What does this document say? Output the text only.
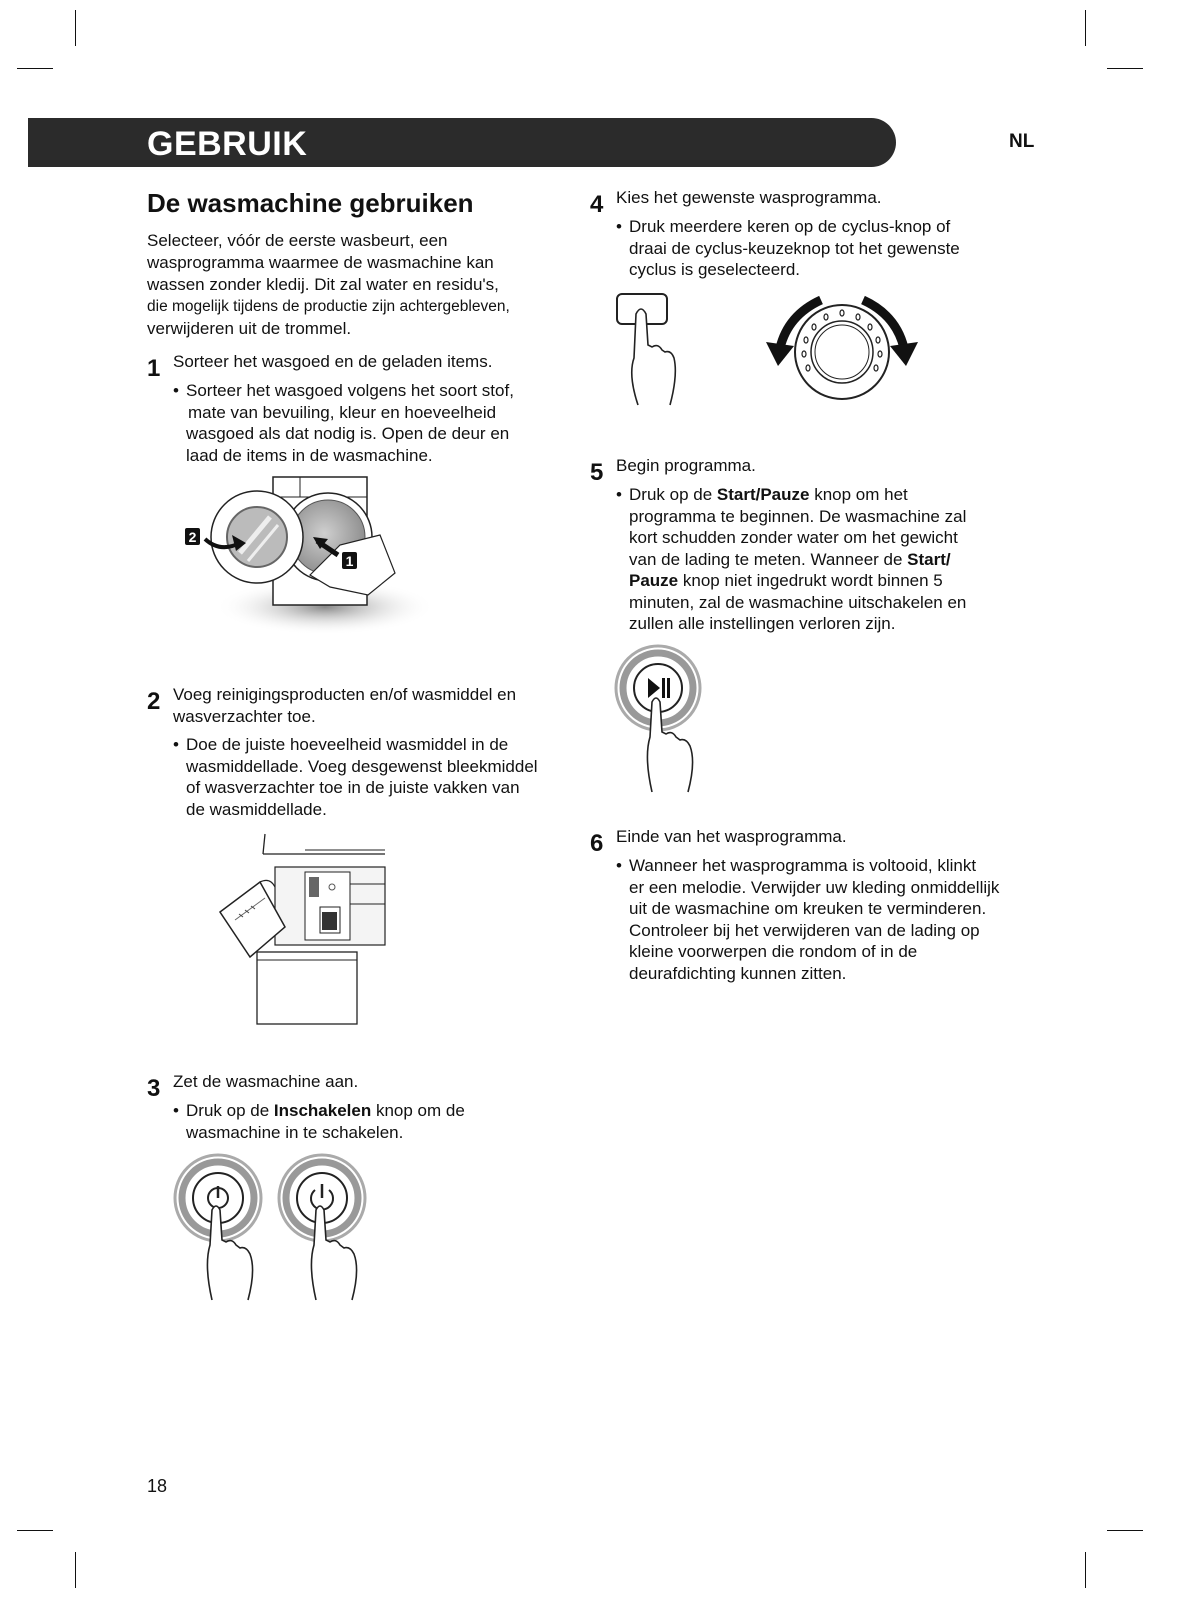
GEBRUIK	NL
De wasmachine gebruiken
Selecteer, vóór de eerste wasbeurt, een
wasprogramma waarmee de wasmachine kan
wassen zonder kledij. Dit zal water en residu's,
die mogelijk tijdens de productie zijn achtergebleven,
verwijderen uit de trommel.
1 Sorteer het wasgoed en de geladen items.
• Sorteer het wasgoed volgens het soort stof,
mate van bevuiling, kleur en hoeveelheid
wasgoed als dat nodig is. Open de deur en
laad de items in de wasmachine.
2
1
2 Voeg reinigingsproducten en/of wasmiddel en
wasverzachter toe.
• Doe de juiste hoeveelheid wasmiddel in de
wasmiddellade. Voeg desgewenst bleekmiddel
of wasverzachter toe in de juiste vakken van
de wasmiddellade.
3 Zet de wasmachine aan.
• Druk op de Inschakelen knop om de
wasmachine in te schakelen.
4 Kies het gewenste wasprogramma.
• Druk meerdere keren op de cyclus-knop of
draai de cyclus-keuzeknop tot het gewenste
cyclus is geselecteerd.
5 Begin programma.
• Druk op de Start/Pauze knop om het
programma te beginnen. De wasmachine zal
kort schudden zonder water om het gewicht
van de lading te meten. Wanneer de Start/
Pauze knop niet ingedrukt wordt binnen 5
minuten, zal de wasmachine uitschakelen en
zullen alle instellingen verloren zijn.
6 Einde van het wasprogramma.
• Wanneer het wasprogramma is voltooid, klinkt
er een melodie. Verwijder uw kleding onmiddellijk
uit de wasmachine om kreuken te verminderen.
Controleer bij het verwijderen van de lading op
kleine voorwerpen die rondom of in de
deurafdichting kunnen zitten.
18
